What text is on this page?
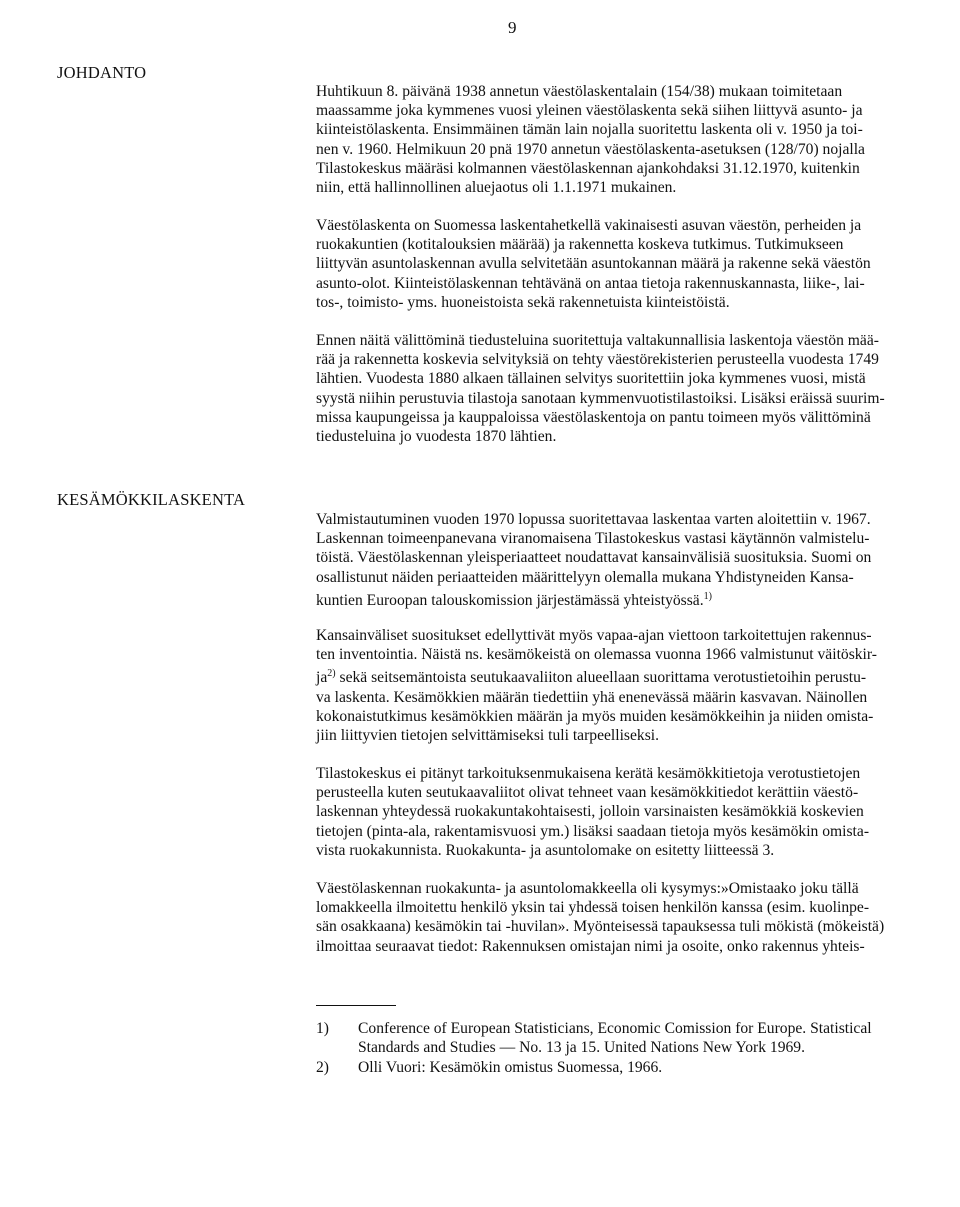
9
JOHDANTO

Huhtikuun 8. päivänä 1938 annetun väestölaskentalain (154/38) mukaan toimitetaan
maassamme joka kymmenes vuosi yleinen väestölaskenta sekä siihen liittyvä asunto- ja
kiinteistölaskenta. Ensimmäinen tämän lain nojalla suoritettu laskenta oli v. 1950 ja toi-
nen v. 1960. Helmikuun 20 pnä 1970 annetun väestölaskenta-asetuksen (128/70) nojalla
Tilastokeskus määräsi kolmannen väestölaskennan ajankohdaksi 31.12.1970, kuitenkin
niin, että hallinnollinen aluejaotus oli 1.1.1971 mukainen.

Väestölaskenta on Suomessa laskentahetkellä vakinaisesti asuvan väestön, perheiden ja
ruokakuntien (kotitalouksien määrää) ja rakennetta koskeva tutkimus. Tutkimukseen
liittyvän asuntolaskennan avulla selvitetään asuntokannan määrä ja rakenne sekä väestön
asunto-olot. Kiinteistölaskennan tehtävänä on antaa tietoja rakennuskannasta, liike-, lai-
tos-, toimisto- yms. huoneistoista sekä rakennetuista kiinteistöistä.

Ennen näitä välittöminä tiedusteluina suoritettuja valtakunnallisia laskentoja väestön mää-
rää ja rakennetta koskevia selvityksiä on tehty väestörekisterien perusteella vuodesta 1749
lähtien. Vuodesta 1880 alkaen tällainen selvitys suoritettiin joka kymmenes vuosi, mistä
syystä niihin perustuvia tilastoja sanotaan kymmenvuotistilastoiksi. Lisäksi eräissä suurim-
missa kaupungeissa ja kauppaloissa väestölaskentoja on pantu toimeen myös välittöminä
tiedusteluina jo vuodesta 1870 lähtien.

KESÄMÖKKILASKENTA

Valmistautuminen vuoden 1970 lopussa suoritettavaa laskentaa varten aloitettiin v. 1967.
Laskennan toimeenpanevana viranomaisena Tilastokeskus vastasi käytännön valmistelu-
töistä. Väestölaskennan yleisperiaatteet noudattavat kansainvälisiä suosituksia. Suomi on
osallistunut näiden periaatteiden määrittelyyn olemalla mukana Yhdistyneiden Kansa-
kuntien Euroopan talouskomission järjestämässä yhteistyössä.$^{1)}$

Kansainväliset suositukset edellyttivät myös vapaa-ajan viettoon tarkoitettujen rakennus-
ten inventointia. Näistä ns. kesämökeistä on olemassa vuonna 1966 valmistunut väitöskir-
$ja^{2)}$ sekä seitsemäntoista seutukaavaliiton alueellaan suorittama verotustietoihin perustu-
va laskenta. Kesämökkien määrän tiedettiin yhä enenevässä määrin kasvavan. Näinollen
kokonaistutkimus kesämökkien määrän ja myös muiden kesämökkeihin ja niiden omista-
jiin liittyvien tietojen selvittämiseksi tuli tarpeelliseksi.

Tilastokeskus ei pitänyt tarkoituksenmukaisena kerätä kesämökkitietoja verotustietojen
perusteella kuten seutukaavaliitot olivat tehneet vaan kesämökkitiedot kerättiin väestö-
laskennan yhteydessä ruokakuntakohtaisesti, jolloin varsinaisten kesämökkiä koskevien
tietojen (pinta-ala, rakentamisvuosi ym.) lisäksi saadaan tietoja myös kesämökin omista-
vista ruokakunnista. Ruokakunta- ja asuntolomake on esitetty liitteessä 3.

Väestölaskennan ruokakunta- ja asuntolomakkeella oli kysymys:»Omistaako joku tällä
lomakkeella ilmoitettu henkilö yksin tai yhdessä toisen henkilön kanssa (esim. kuolinpe-
sän osakkaana) kesämökin tai -huvilan». Myönteisessä tapauksessa tuli mökistä (mökeistä)
ilmoittaa seuraavat tiedot: Rakennuksen omistajan nimi ja osoite, onko rakennus yhteis-

1) Conference of European Statisticians, Economic Comission for Europe. Statistical
Standards and Studies — No. 13 ja 15. United Nations New York 1969.
2) Olli Vuori: Kesämökin omistus Suomessa, 1966.
